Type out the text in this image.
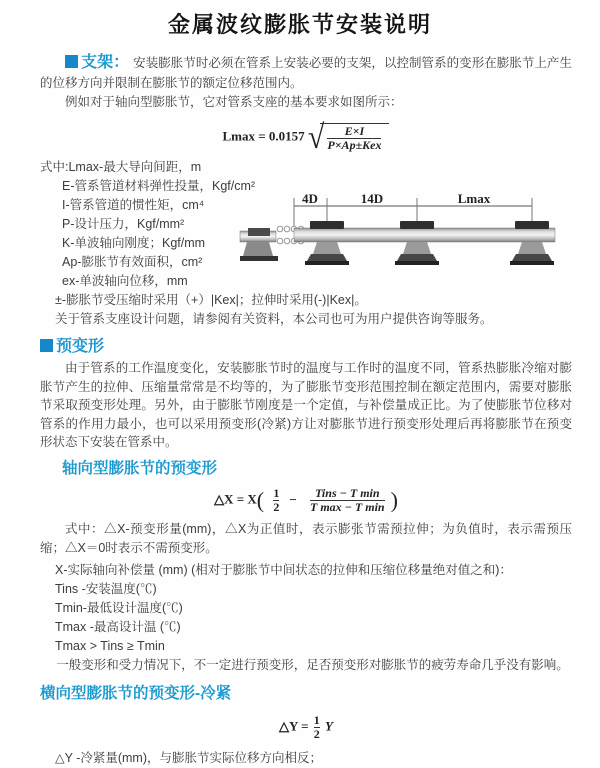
金属波纹膨胀节安装说明

支架： 安装膨胀节时必须在管系上安装必要的支架，以控制管系的变形在膨胀节上产生的位移方向并限制在膨胀节的额定位移范围内。

例如对于轴向型膨胀节，它对管系支座的基本要求如图所示：

Lmax = 0.0157 √ $\frac{E\times I}{\text{P×Ap±Kex}}$
式中:Lmax-最大导向间距，m
E-管系管道材料弹性投量，Kgf/cm²
I-管系管道的惯性矩，cm⁴
P-设计压力，Kgf/mm²
K-单波轴向刚度；Kgf/mm
Ap-膨胀节有效面积，cm²
ex-单波轴向位移，mm
±-膨胀节受压缩时采用（+）|Kex|；拉伸时采用(-)|Kex|。
关于管系支座设计问题，请参阅有关资料，本公司也可为用户提供咨询等服务。
预变形

由于管系的工作温度变化，安装膨胀节时的温度与工作时的温度不同，管系热膨胀冷缩对膨胀节产生的拉伸、压缩量常常是不均等的，为了膨胀节变形范围控制在额定范围内，需要对膨胀节采取预变形处理。另外，由于膨胀节刚度是一个定值，与补偿量成正比。为了使膨胀节位移对管系的作用力最小，也可以采用预变形(冷紧)方让对膨胀节进行预变形处理后再将膨胀节在预变形状态下安装在管系中。

轴向型膨胀节的预变形
△X = $X( \frac{1}{2} - \frac{\text{Tins − T min}}{\text{T max − T min}}$ )

式中：△X-预变形量(mm)，△X为正值时，表示膨张节需预拉伸；为负值时，表示需预压缩；△X＝0时表示不需预变形。

X-实际轴向补偿量 (mm) (相对于膨胀节中间状态的拉伸和压缩位移量绝对值之和)：
Tins -安装温度(℃)
Tmin-最低设计温度(℃)
Tmax -最高设计温 (℃)
Tmax > Tins ≥ Tmin
一般变形和受力情况下，不一定进行预变形，足否预变形对膨胀节的疲劳寿命几乎没有影响。
横向型膨胀节的预变形-冷紧
△Y = $\frac{1}{2}$ Y
△Y -冷紧量(mm)，与膨胀节实际位移方向相反；
4D	14D	Lmax
